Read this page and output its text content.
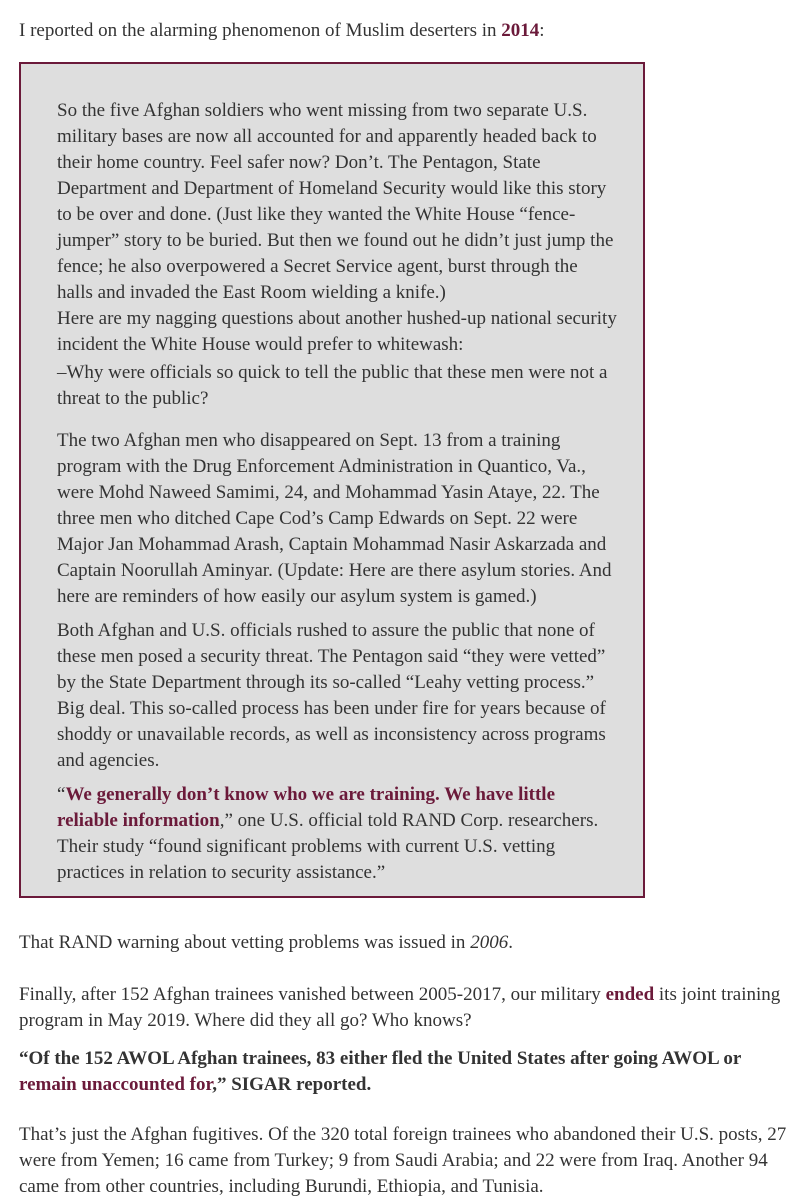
I reported on the alarming phenomenon of Muslim deserters in 2014:

So the five Afghan soldiers who went missing from two separate U.S. military bases are now all accounted for and apparently headed back to their home country. Feel safer now? Don’t. The Pentagon, State Department and Department of Homeland Security would like this story to be over and done. (Just like they wanted the White House “fence-jumper” story to be buried. But then we found out he didn’t just jump the fence; he also overpowered a Secret Service agent, burst through the halls and invaded the East Room wielding a knife.)

Here are my nagging questions about another hushed-up national security incident the White House would prefer to whitewash:

–Why were officials so quick to tell the public that these men were not a threat to the public?

The two Afghan men who disappeared on Sept. 13 from a training program with the Drug Enforcement Administration in Quantico, Va., were Mohd Naweed Samimi, 24, and Mohammad Yasin Ataye, 22. The three men who ditched Cape Cod’s Camp Edwards on Sept. 22 were Major Jan Mohammad Arash, Captain Mohammad Nasir Askarzada and Captain Noorullah Aminyar. (Update: Here are there asylum stories. And here are reminders of how easily our asylum system is gamed.)

Both Afghan and U.S. officials rushed to assure the public that none of these men posed a security threat. The Pentagon said “they were vetted” by the State Department through its so-called “Leahy vetting process.” Big deal. This so-called process has been under fire for years because of shoddy or unavailable records, as well as inconsistency across programs and agencies.

“We generally don’t know who we are training. We have little reliable information,” one U.S. official told RAND Corp. researchers. Their study “found significant problems with current U.S. vetting practices in relation to security assistance.”

That RAND warning about vetting problems was issued in 2006.

Finally, after 152 Afghan trainees vanished between 2005-2017, our military ended its joint training program in May 2019. Where did they all go? Who knows?

“Of the 152 AWOL Afghan trainees, 83 either fled the United States after going AWOL or remain unaccounted for,” SIGAR reported.

That’s just the Afghan fugitives. Of the 320 total foreign trainees who abandoned their U.S. posts, 27 were from Yemen; 16 came from Turkey; 9 from Saudi Arabia; and 22 were from Iraq. Another 94 came from other countries, including Burundi, Ethiopia, and Tunisia.
